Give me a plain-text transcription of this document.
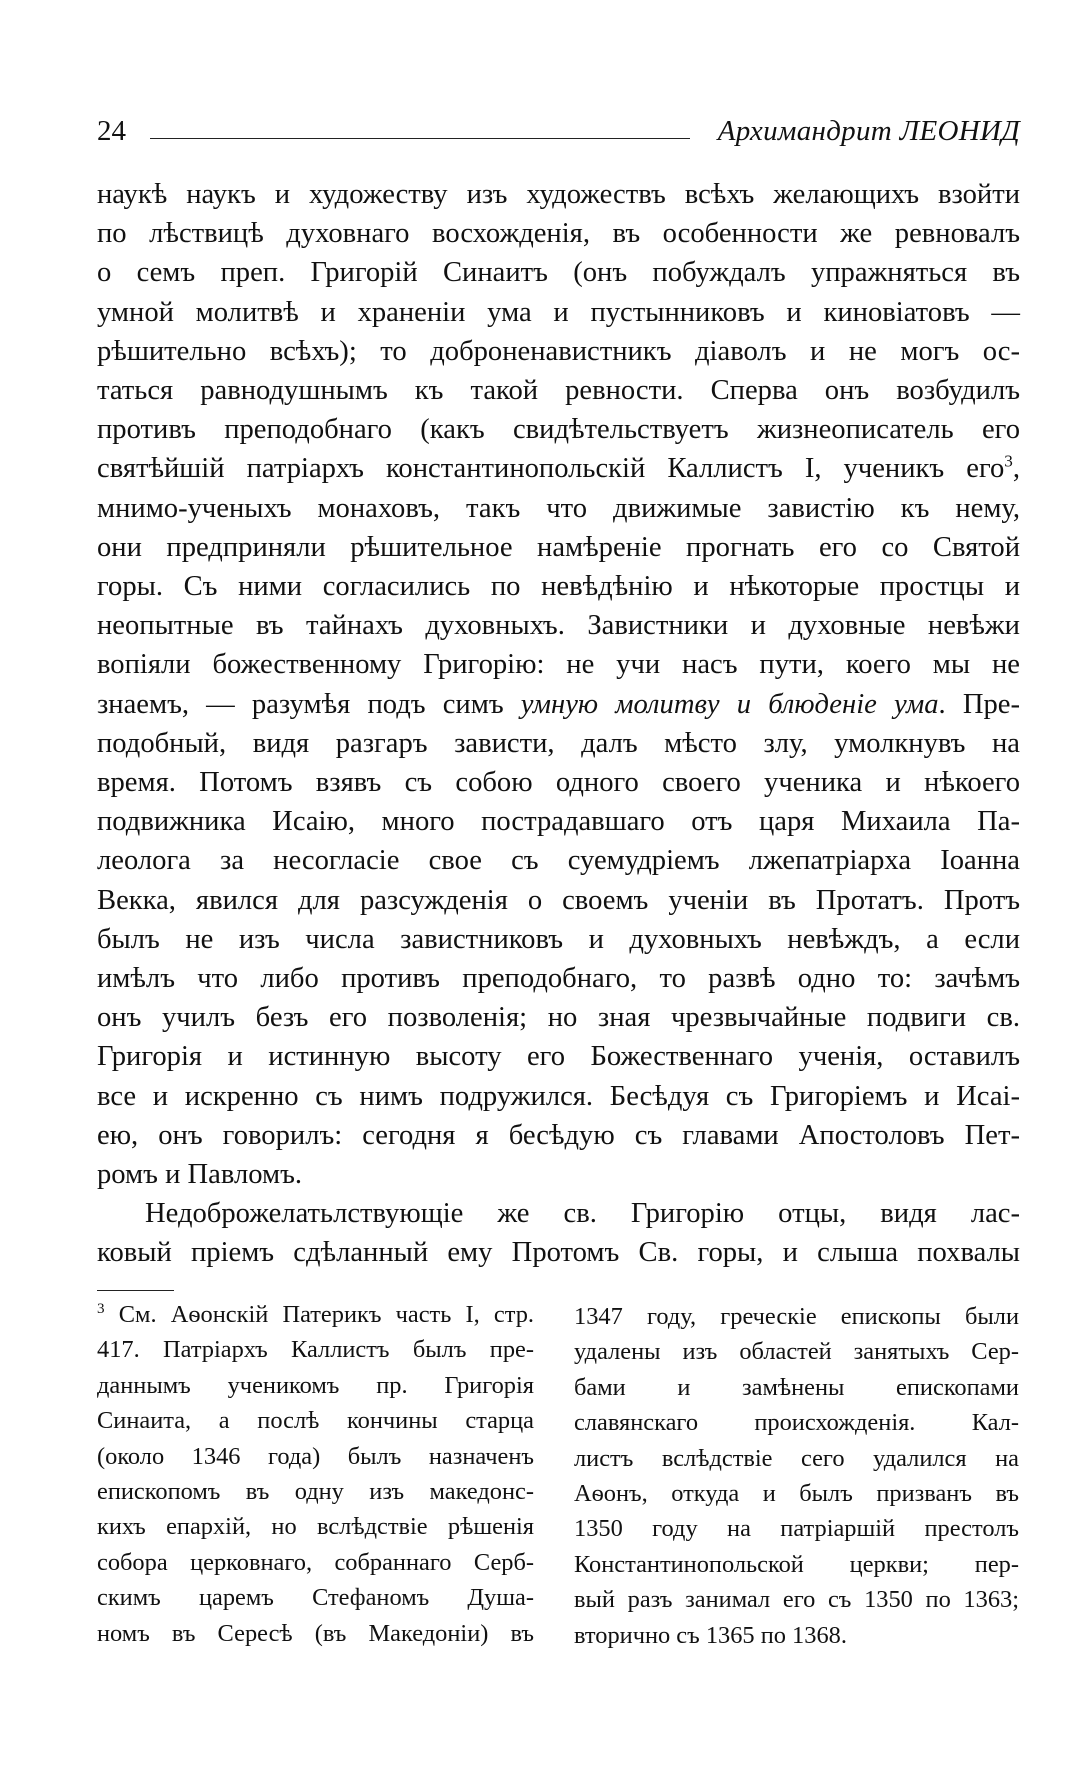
24	Архимандрит ЛЕОНИД
наукѣ наукъ и художеству изъ художествъ всѣхъ желающихъ взойти
по лѣствицѣ духовнаго восхожденiя, въ особенности же ревновалъ
о семъ преп. Григорiй Синаитъ (онъ побуждалъ упражняться въ
умной молитвѣ и храненiи ума и пустынниковъ и киновiатовъ —
рѣшительно всѣхъ); то доброненавистникъ дiаволъ и не могъ ос-
таться равнодушнымъ къ такой ревности. Сперва онъ возбудилъ
противъ преподобнаго (какъ свидѣтельствуетъ жизнеописатель его
святѣйшiй патрiархъ константинопольскiй Каллистъ I, ученикъ его$^3$,
мнимо-ученыхъ монаховъ, такъ что движимые завистiю къ нему,
они предприняли рѣшительное намѣренiе прогнать его со Святой
горы. Съ ними согласились по невѣдѣнiю и нѣкоторые простцы и
неопытные въ тайнахъ духовныхъ. Завистники и духовные невѣжи
вопiяли божественному Григорiю: не учи насъ пути, коего мы не
знаемъ, — разумѣя подъ симъ умную молитву и блюденiе ума. Пре-
подобный, видя разгаръ зависти, далъ мѣсто злу, умолкнувъ на
время. Потомъ взявъ съ собою одного своего ученика и нѣкоего
подвижника Исаiю, много пострадавшаго отъ царя Михаила Па-
леолога за несогласiе свое съ суемудрiемъ лжепатрiарха Iоанна
Векка, явился для разсужденiя о своемъ ученiи въ Протатъ. Протъ
былъ не изъ числа завистниковъ и духовныхъ невѣждъ, а если
имѣлъ что либо противъ преподобнаго, то развѣ одно то: зачѣмъ
онъ училъ безъ его позволенiя; но зная чрезвычайные подвиги св.
Григорiя и истинную высоту его Божественнаго ученiя, оставилъ
все и искренно съ нимъ подружился. Бесѣдуя съ Григорiемъ и Исаi-
ею, онъ говорилъ: сегодня я бесѣдую съ главами Апостоловъ Пет-
ромъ и Павломъ.
Недоброжелатьлствующiе же св. Григорiю отцы, видя лас-
ковый прiемъ сдѣланный ему Протомъ Св. горы, и слыша похвалы
$^3$ См. Аѳонскiй Патерикъ часть I, стр.
417. Патрiархъ Каллистъ былъ пре-
даннымъ ученикомъ пр. Григорiя
Синаита, а послѣ кончины старца
(около 1346 года) былъ назначенъ
епископомъ въ одну изъ македонс-
кихъ епархiй, но вслѣдствiе рѣшенiя
собора церковнаго, собраннаго Серб-
скимъ царемъ Стефаномъ Душа-
номъ въ Сересѣ (въ Македонiи) въ
1347 году, греческiе епископы были
удалены изъ областей занятыхъ Сер-
бами и замѣнены епископами
славянскаго происхожденiя. Кал-
листъ вслѣдствiе сего удалился на
Аѳонъ, откуда и былъ призванъ въ
1350 году на патрiаршiй престолъ
Константинопольской церкви; пер-
вый разъ занимал его съ 1350 по 1363;
вторично съ 1365 по 1368.
